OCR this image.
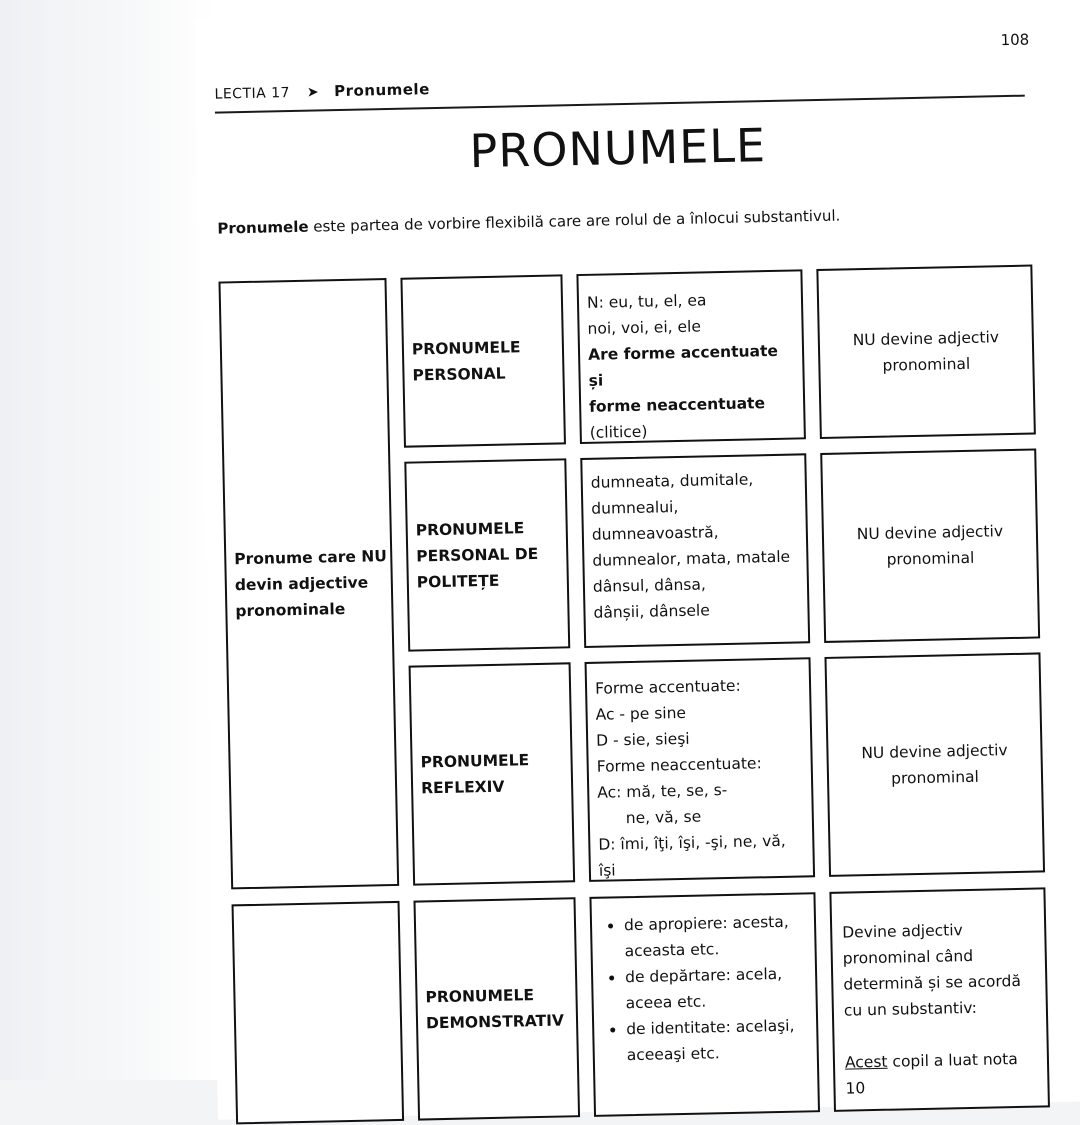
108
LECTIA 17 ➤ Pronumele
PRONUMELE
Pronumele este partea de vorbire flexibilă care are rolul de a înlocui substantivul.
Pronume care NU devin adjective pronominale
PRONUMELE PERSONAL
N: eu, tu, el, ea
noi, voi, ei, ele
Are forme accentuate și
forme neaccentuate
(clitice)
NU devine adjectiv pronominal
PRONUMELE PERSONAL DE POLITEȚE
dumneata, dumitale,
dumnealui,
dumneavoastră,
dumnealor, mata, matale
dânsul, dânsa,
dânșii, dânsele
NU devine adjectiv pronominal
PRONUMELE REFLEXIV
Forme accentuate:
Ac - pe sine
D - sie, sieşi
Forme neaccentuate:
Ac: mă, te, se, s-
ne, vă, se
D: îmi, îţi, îşi, -şi, ne, vă, îşi
NU devine adjectiv pronominal
PRONUMELE DEMONSTRATIV
• de apropiere: acesta, aceasta etc.
• de depărtare: acela, aceea etc.
• de identitate: acelaşi, aceeaşi etc.
Devine adjectiv
pronominal când
determină și se acordă
cu un substantiv:
Acest copil a luat nota 10
